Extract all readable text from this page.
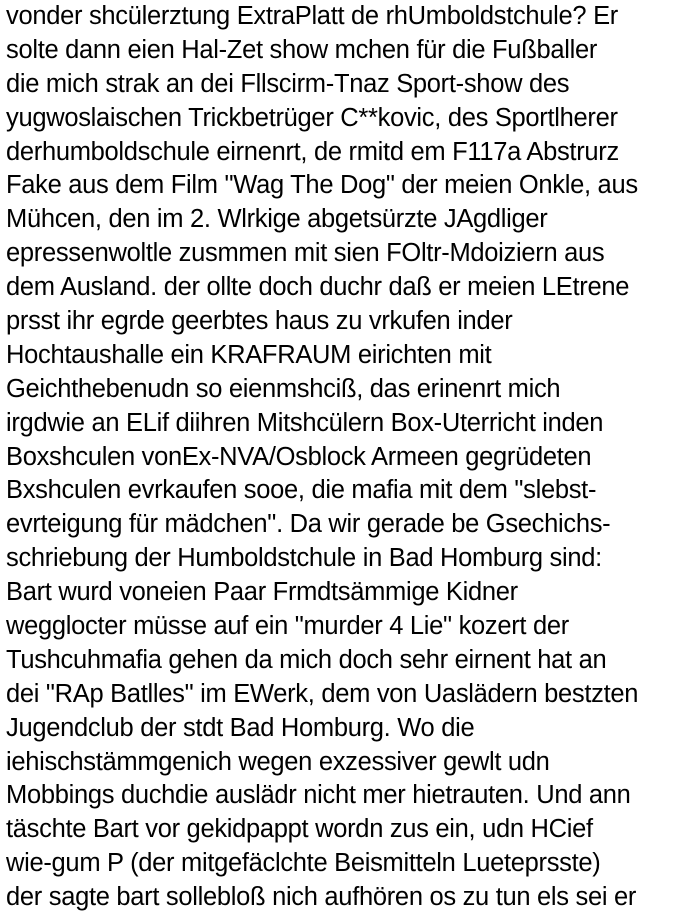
vonder shcülerztung ExtraPlatt de rhUmboldstchule? Er
solte dann eien Hal-Zet show mchen für die Fußballer
die mich strak an dei Fllscirm-Tnaz Sport-show des
yugwoslaischen Trickbetrüger C**kovic, des Sportlherer
derhumboldschule eirnenrt, de rmitd em F117a Abstrurz
Fake aus dem Film "Wag The Dog" der meien Onkle, aus
Mühcen, den im 2. Wlrkige abgetsürzte JAgdliger
epressenwoltle zusmmen mit sien FOltr-Mdoiziern aus
dem Ausland. der ollte doch duchr daß er meien LEtrene
prsst ihr egrde geerbtes haus zu vrkufen inder
Hochtaushalle ein KRAFRAUM eirichten mit
Geichthebenudn so eienmshciß, das erinenrt mich
irgdwie an ELif diihren Mitshcülern Box-Uterricht inden
Boxshculen vonEx-NVA/Osblock Armeen gegrüdeten
Bxshculen evrkaufen sooe, die mafia mit dem "slebst-
evrteigung für mädchen". Da wir gerade be Gsechichs-
schriebung der Humboldstchule in Bad Homburg sind:
Bart wurd voneien Paar Frmdtsämmige Kidner
wegglocter müsse auf ein "murder 4 Lie" kozert der
Tushcuhmafia gehen da mich doch sehr eirnent hat an
dei "RAp Batlles" im EWerk, dem von Uaslädern bestzten
Jugendclub der stdt Bad Homburg. Wo die
iehischstämmgenich wegen exzessiver gewlt udn
Mobbings duchdie auslädr nicht mer hietrauten. Und ann
täschte Bart vor gekidpappt wordn zus ein, udn HCief
wie-gum P (der mitgefäclchte Beismitteln Lueteprsste)
der sagte bart sollebloß nich aufhören os zu tun els sei er
